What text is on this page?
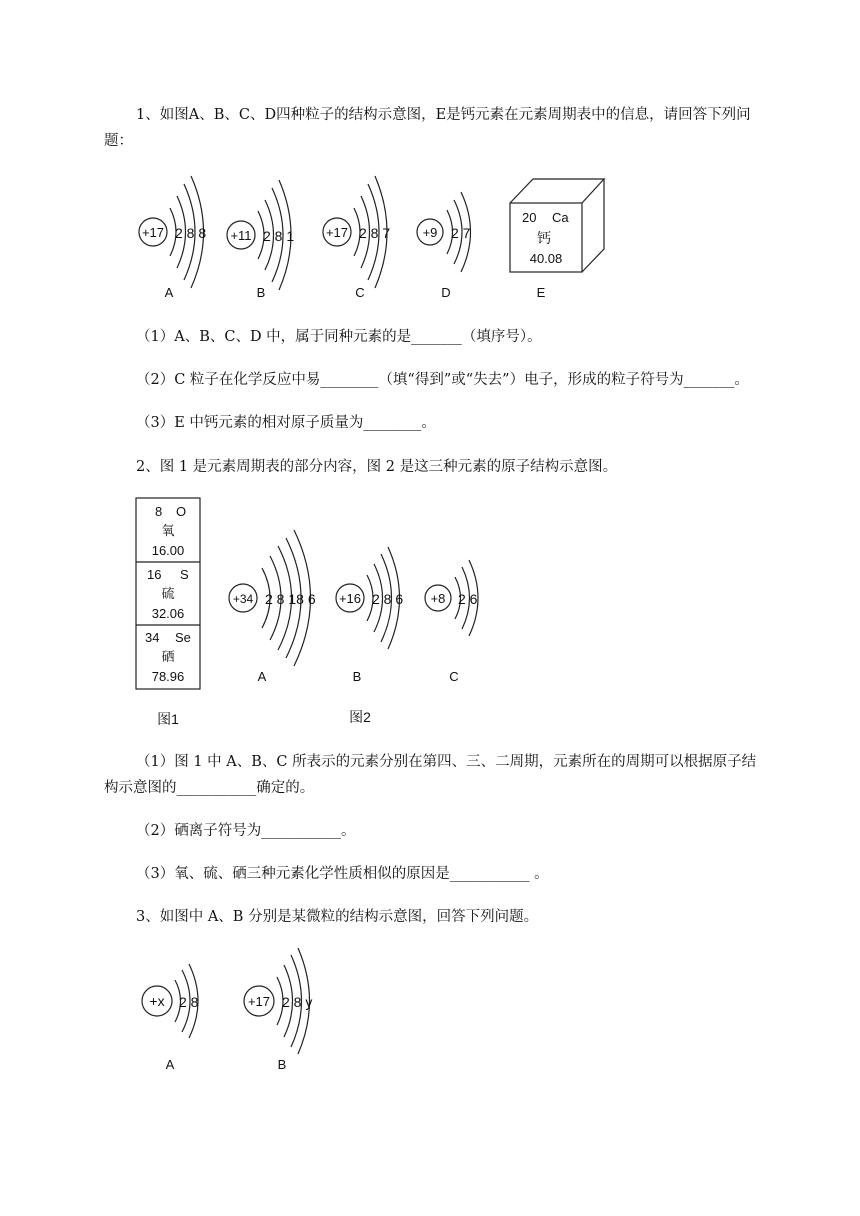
1、如图A、B、C、D四种粒子的结构示意图，E是钙元素在元素周期表中的信息，请回答下列问
题：
+17 2 8 8 +11 2 8 1 +17 2 8 7 +9 2 7
20 Ca
钙
40.08
A	B	C	D	E
8 O
氧
16.00
16 S
硫
32.06
34 Se
硒
78.96
+34 2 8 18 6 +16 2 8 6 +8 2 6
A	B	C
图1	图2
+x 2 8	+17 2 8 y
A	B
（1）A、B、C、D 中，属于同种元素的是_______（填序号）。
（2）C 粒子在化学反应中易________（填“得到”或“失去”）电子，形成的粒子符号为_______。
（3）E 中钙元素的相对原子质量为________。
2、图 1 是元素周期表的部分内容，图 2 是这三种元素的原子结构示意图。
（1）图 1 中 A、B、C 所表示的元素分别在第四、三、二周期，元素所在的周期可以根据原子结
构示意图的___________确定的。
（2）硒离子符号为___________。
（3）氧、硫、硒三种元素化学性质相似的原因是___________ 。
3、如图中 A、B 分别是某微粒的结构示意图，回答下列问题。
